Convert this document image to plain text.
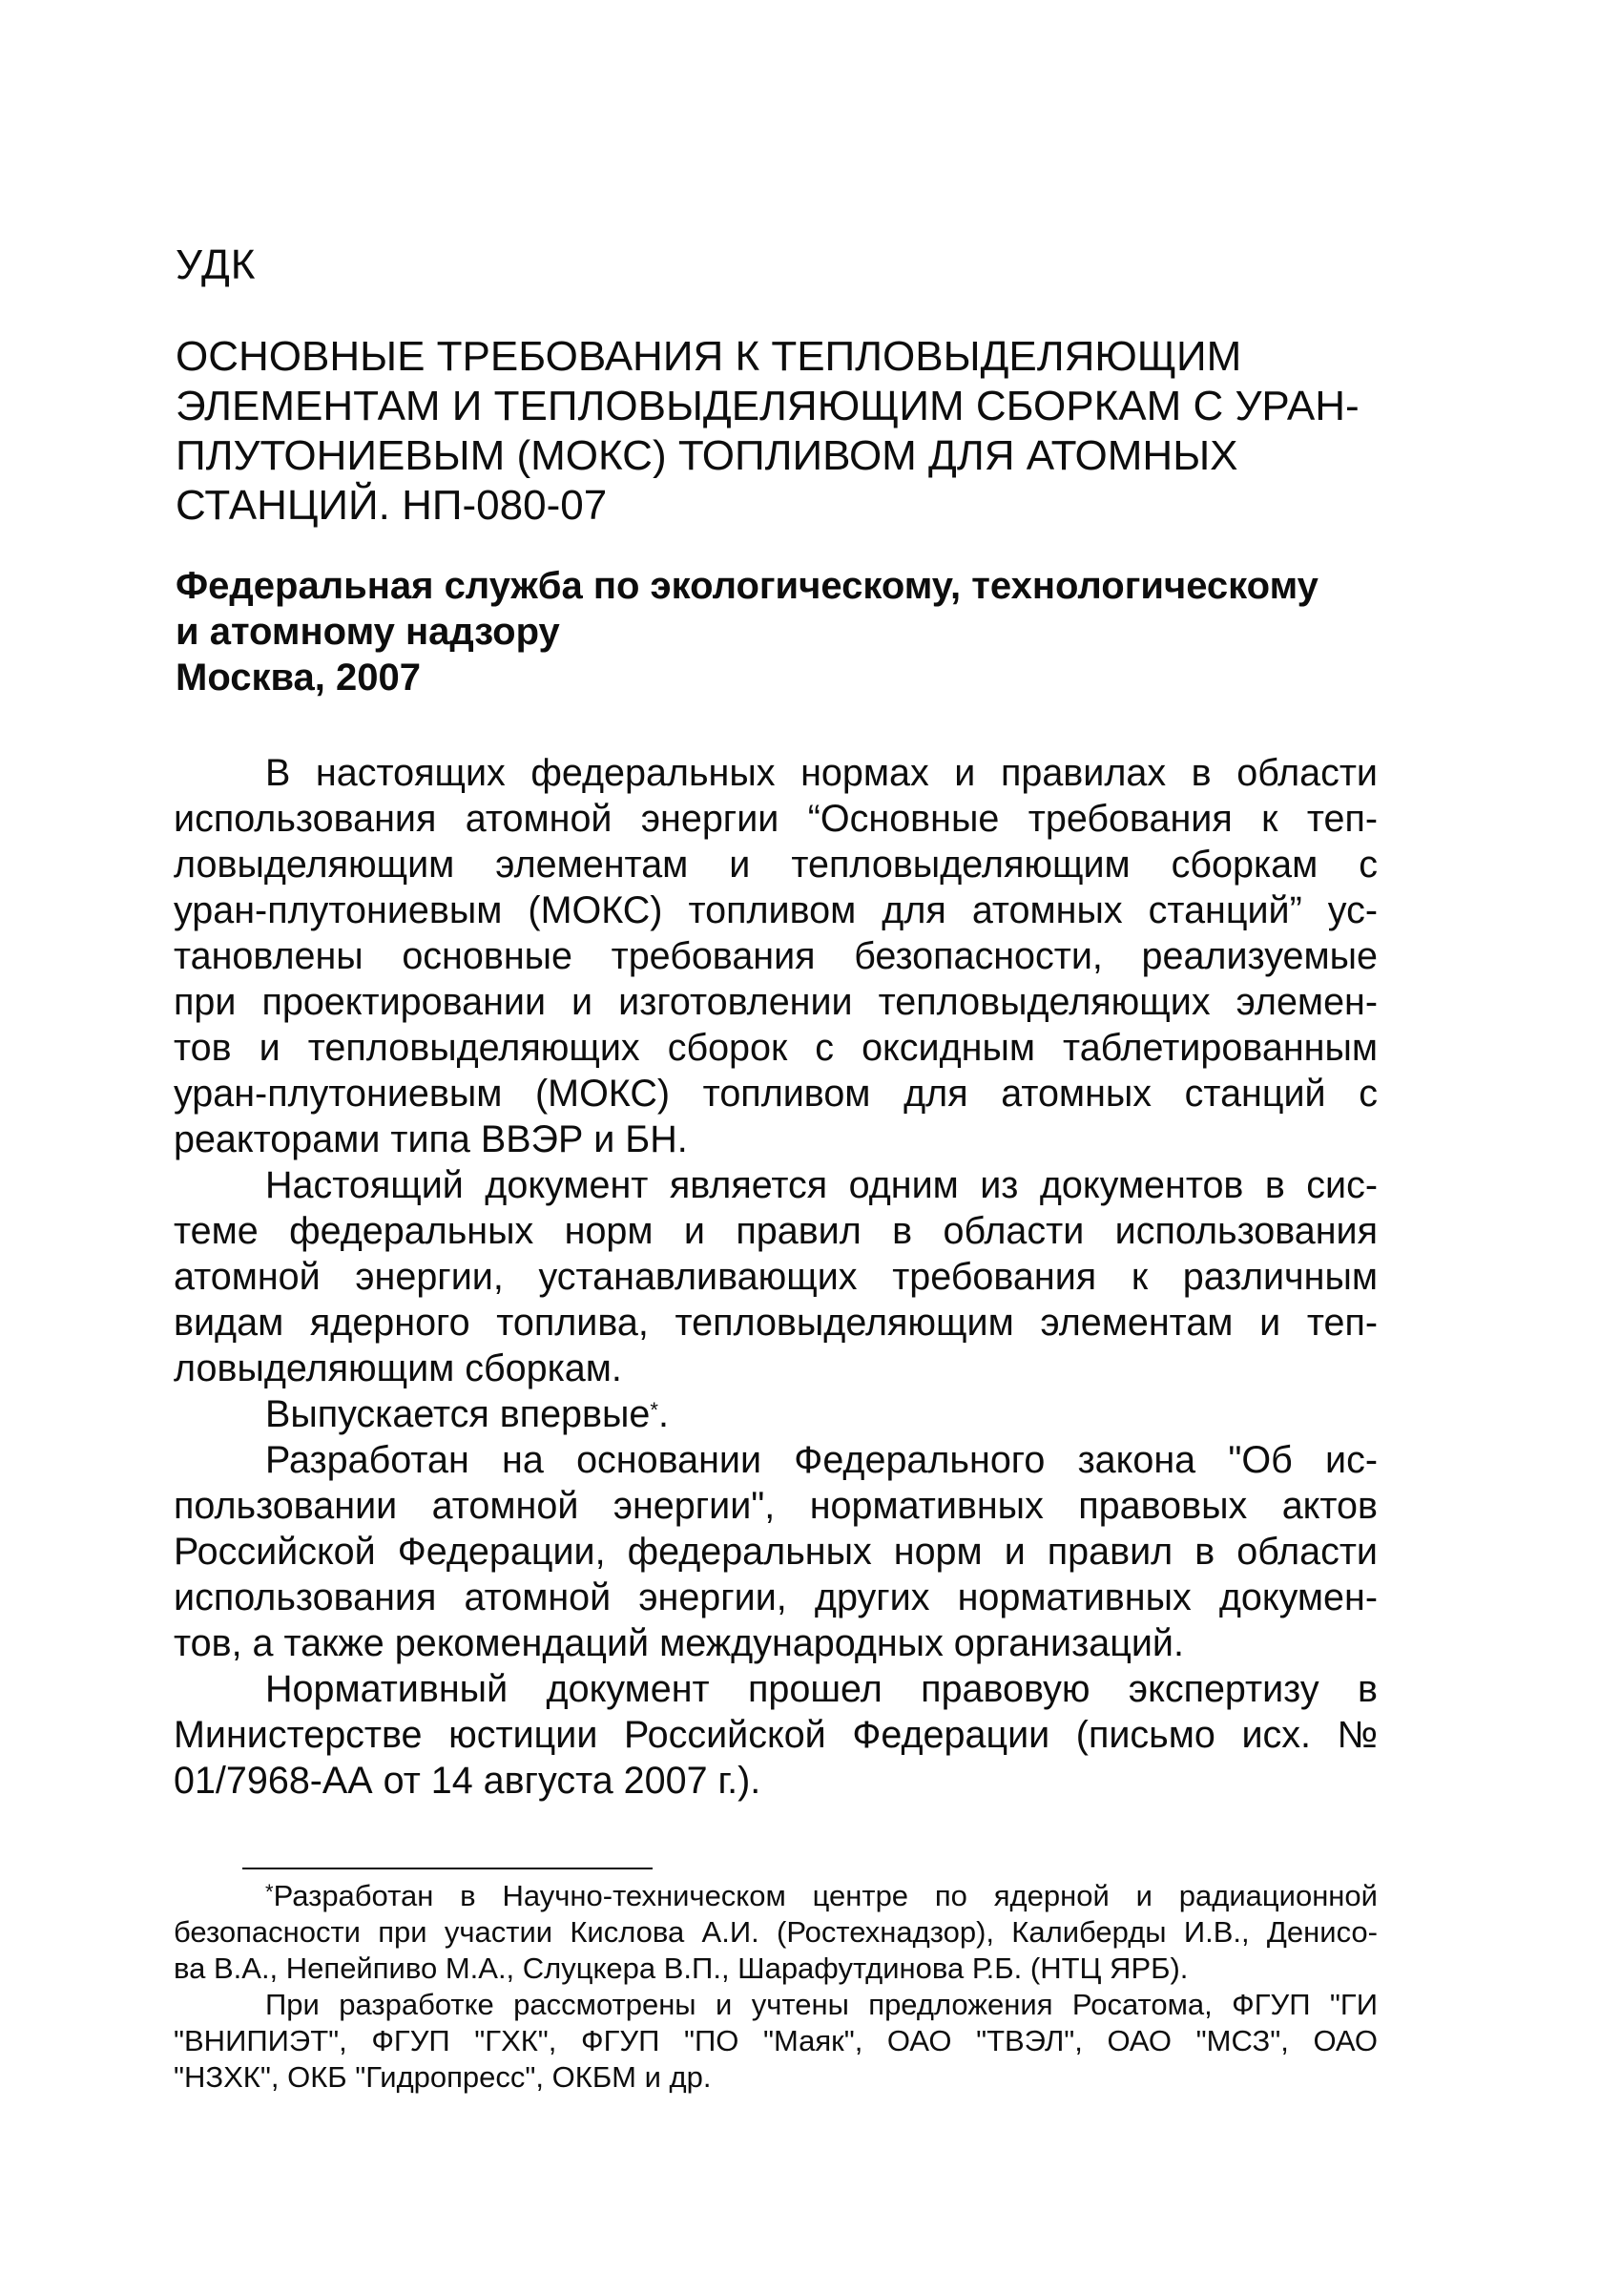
УДК
ОСНОВНЫЕ ТРЕБОВАНИЯ К ТЕПЛОВЫДЕЛЯЮЩИМ
ЭЛЕМЕНТАМ И ТЕПЛОВЫДЕЛЯЮЩИМ СБОРКАМ С УРАН-
ПЛУТОНИЕВЫМ (МОКС) ТОПЛИВОМ ДЛЯ АТОМНЫХ
СТАНЦИЙ. НП-080-07
Федеральная служба по экологическому, технологическому
и атомному надзору
Москва, 2007
В настоящих федеральных нормах и правилах в области
использования атомной энергии “Основные требования к теп-
ловыделяющим элементам и тепловыделяющим сборкам с
уран-плутониевым (МОКС) топливом для атомных станций” ус-
тановлены основные требования безопасности, реализуемые
при проектировании и изготовлении тепловыделяющих элемен-
тов и тепловыделяющих сборок с оксидным таблетированным
уран-плутониевым (МОКС) топливом для атомных станций с
реакторами типа ВВЭР и БН.
Настоящий документ является одним из документов в сис-
теме федеральных норм и правил в области использования
атомной энергии, устанавливающих требования к различным
видам ядерного топлива, тепловыделяющим элементам и теп-
ловыделяющим сборкам.
Выпускается впервые*.
Разработан на основании Федерального закона "Об ис-
пользовании атомной энергии", нормативных правовых актов
Российской Федерации, федеральных норм и правил в области
использования атомной энергии, других нормативных докумен-
тов, а также рекомендаций международных организаций.
Нормативный документ прошел правовую экспертизу в
Министерстве юстиции Российской Федерации (письмо исх. №
01/7968-АА от 14 августа 2007 г.).
*Разработан в Научно-техническом центре по ядерной и радиационной
безопасности при участии Кислова А.И. (Ростехнадзор), Калиберды И.В., Денисо-
ва В.А., Непейпиво М.А., Слуцкера В.П., Шарафутдинова Р.Б. (НТЦ ЯРБ).
При разработке рассмотрены и учтены предложения Росатома, ФГУП "ГИ
"ВНИПИЭТ", ФГУП "ГХК", ФГУП "ПО "Маяк", ОАО "ТВЭЛ", ОАО "МСЗ", ОАО
"НЗХК", ОКБ "Гидропресс", ОКБМ и др.
